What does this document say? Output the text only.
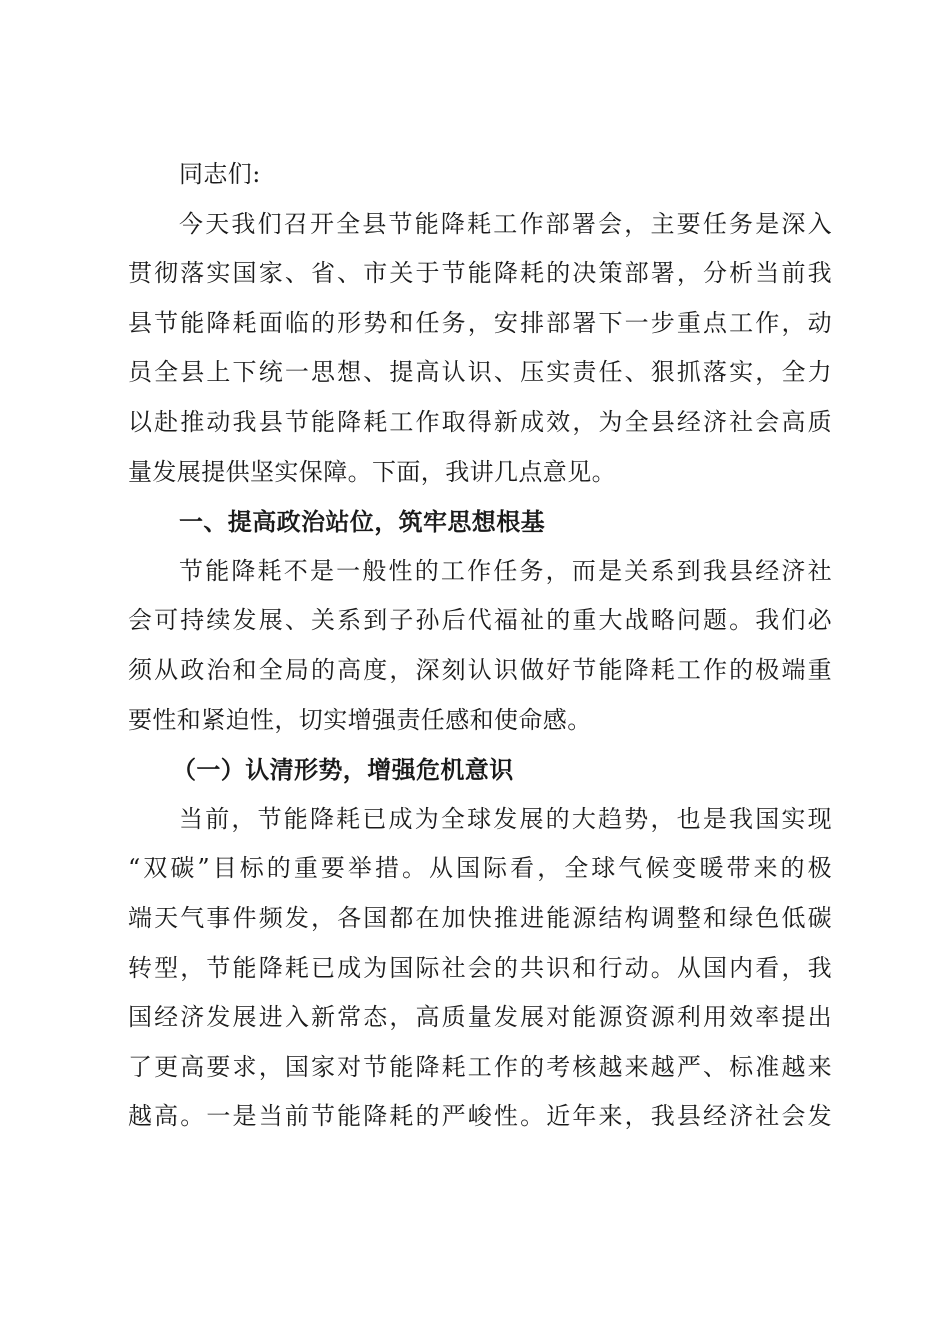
同志们:
今天我们召开全县节能降耗工作部署会，主要任务是深入
贯彻落实国家、省、市关于节能降耗的决策部署，分析当前我
县节能降耗面临的形势和任务，安排部署下一步重点工作，动
员全县上下统一思想、提高认识、压实责任、狠抓落实，全力
以赴推动我县节能降耗工作取得新成效，为全县经济社会高质
量发展提供坚实保障。下面，我讲几点意见。
一、提高政治站位，筑牢思想根基
节能降耗不是一般性的工作任务，而是关系到我县经济社
会可持续发展、关系到子孙后代福祉的重大战略问题。我们必
须从政治和全局的高度，深刻认识做好节能降耗工作的极端重
要性和紧迫性，切实增强责任感和使命感。
（一）认清形势，增强危机意识
当前，节能降耗已成为全球发展的大趋势，也是我国实现
“双碳”目标的重要举措。从国际看，全球气候变暖带来的极
端天气事件频发，各国都在加快推进能源结构调整和绿色低碳
转型，节能降耗已成为国际社会的共识和行动。从国内看，我
国经济发展进入新常态，高质量发展对能源资源利用效率提出
了更高要求，国家对节能降耗工作的考核越来越严、标准越来
越高。一是当前节能降耗的严峻性。近年来，我县经济社会发
